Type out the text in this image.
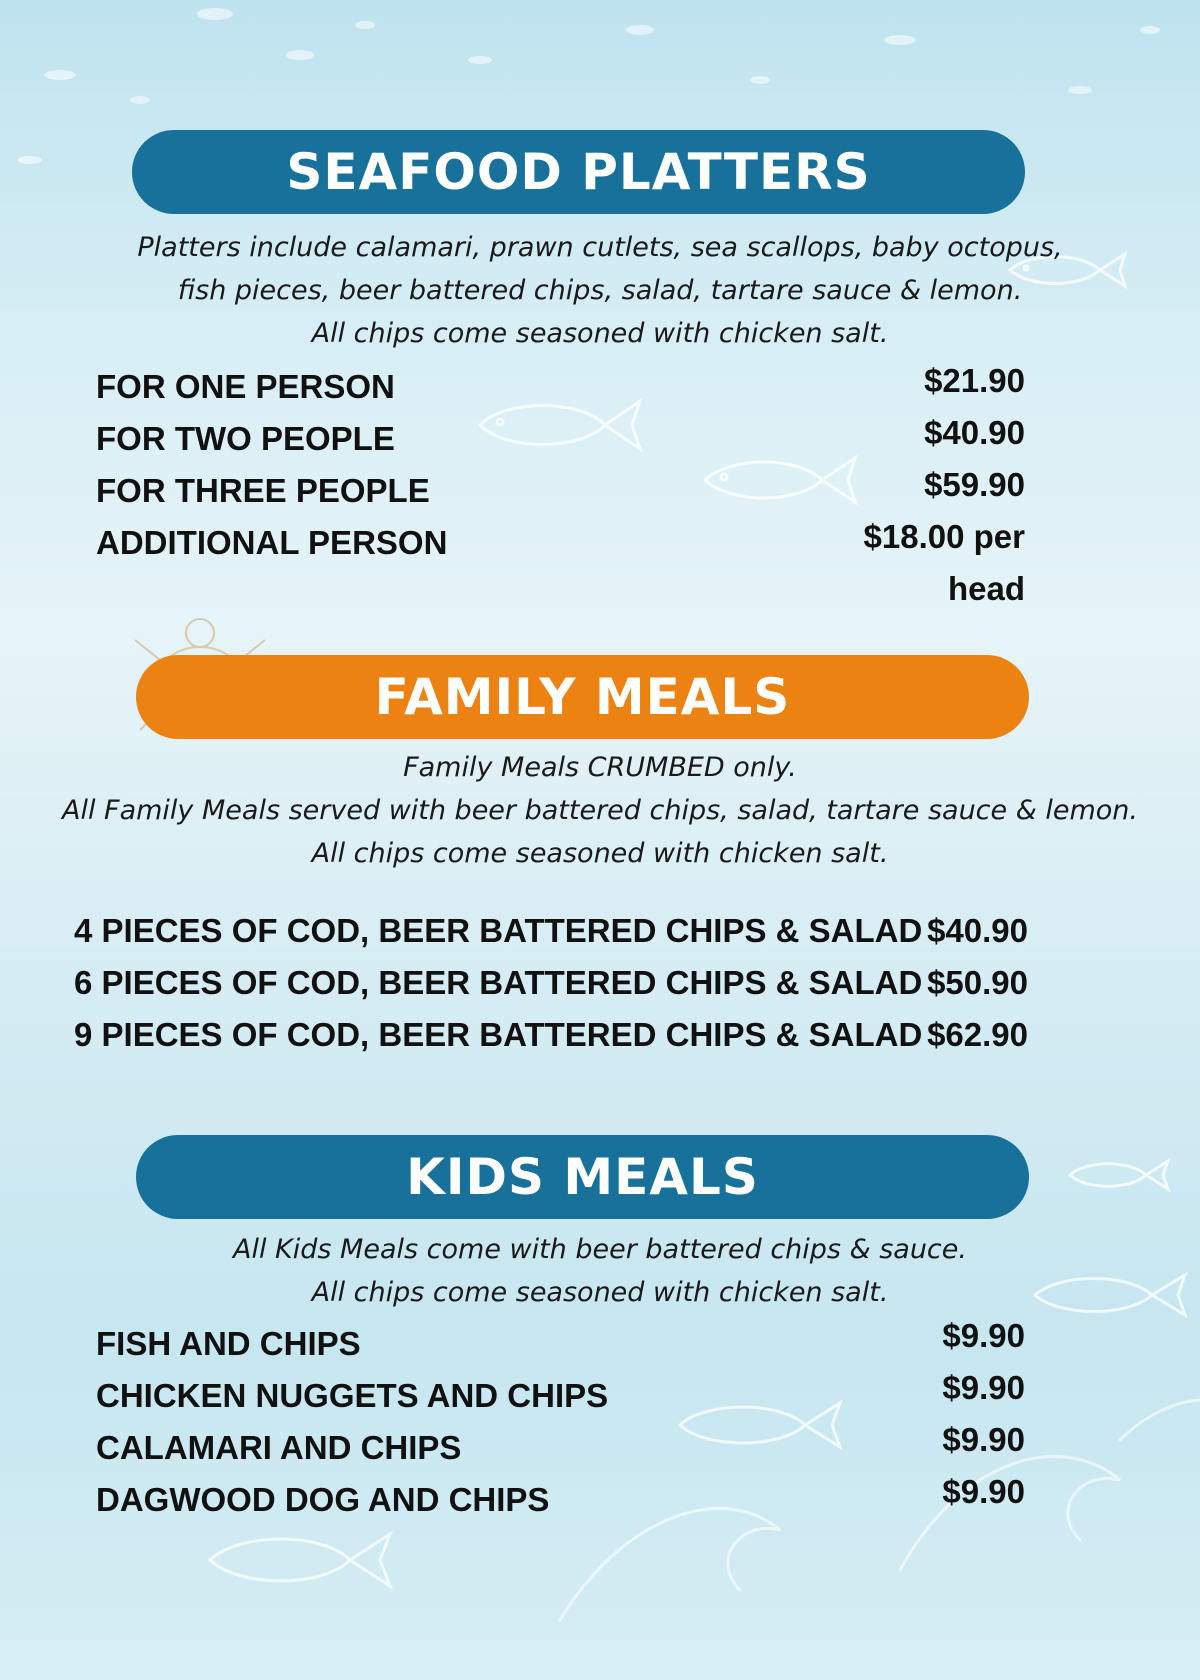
SEAFOOD PLATTERS
Platters include calamari, prawn cutlets, sea scallops, baby octopus,
fish pieces, beer battered chips, salad, tartare sauce & lemon.
All chips come seasoned with chicken salt.
FOR ONE PERSON	$21.90
FOR TWO PEOPLE	$40.90
FOR THREE PEOPLE	$59.90
ADDITIONAL PERSON	$18.00 per
head
FAMILY MEALS
Family Meals CRUMBED only.
All Family Meals served with beer battered chips, salad, tartare sauce & lemon.
All chips come seasoned with chicken salt.
4 PIECES OF COD, BEER BATTERED CHIPS & SALAD $40.90
6 PIECES OF COD, BEER BATTERED CHIPS & SALAD $50.90
9 PIECES OF COD, BEER BATTERED CHIPS & SALAD $62.90
KIDS MEALS
All Kids Meals come with beer battered chips & sauce.
All chips come seasoned with chicken salt.
FISH AND CHIPS	$9.90
CHICKEN NUGGETS AND CHIPS	$9.90
CALAMARI AND CHIPS	$9.90
DAGWOOD DOG AND CHIPS	$9.90
